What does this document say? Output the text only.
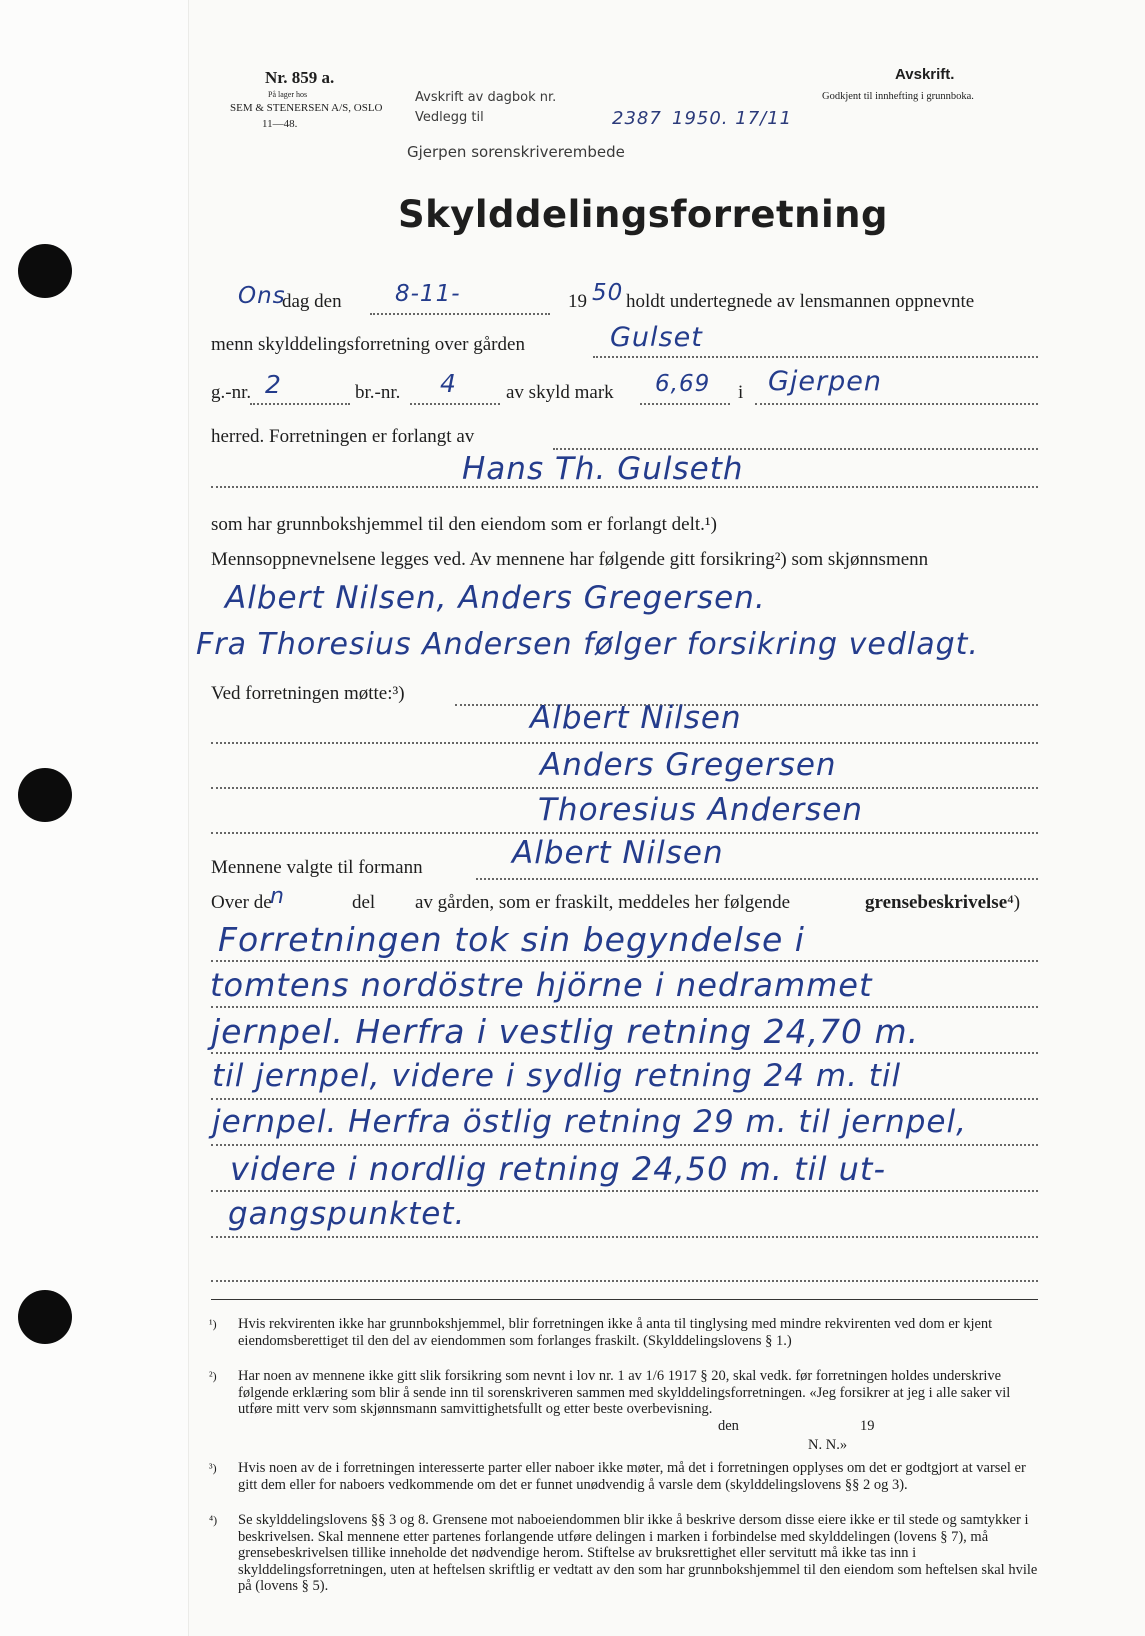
Nr. 859 a.
På lager hos
SEM & STENERSEN A/S, OSLO
11—48.
Avskrift av dagbok nr.
Vedlegg til	2387 1950. 17/11
Gjerpen sorenskriverembede
Avskrift.
Godkjent til innhefting i grunnboka.
Skylddelingsforretning
Ons
dag den 8-11-	19 50 holdt undertegnede av lensmannen oppnevnte
menn skylddelingsforretning over gården	Gulset
g.-nr. 2	br.-nr. 4	av skyld mark 6,69 i Gjerpen
herred. Forretningen er forlangt av
Hans Th. Gulseth
som har grunnbokshjemmel til den eiendom som er forlangt delt.¹)
Mennsoppnevnelsene legges ved. Av mennene har følgende gitt forsikring²) som skjønnsmenn
Albert Nilsen, Anders Gregersen.
Fra Thoresius Andersen følger forsikring vedlagt.
Ved forretningen møtte:³)
Albert Nilsen
Anders Gregersen
Thoresius Andersen
Mennene valgte til formann	Albert Nilsen
Over de
n	del av gården, som er fraskilt, meddeles her følgende	grensebeskrivelse⁴)
Forretningen tok sin begyndelse i
tomtens nordöstre hjörne i nedrammet
jernpel. Herfra i vestlig retning 24,70 m.
til jernpel, videre i sydlig retning 24 m. til
jernpel. Herfra östlig retning 29 m. til jernpel,
videre i nordlig retning 24,50 m. til ut-
gangspunktet.
¹) Hvis rekvirenten ikke har grunnbokshjemmel, blir forretningen ikke å anta til tinglysing med mindre rekvirenten ved dom er kjent eiendomsberettiget til den del av eiendommen som forlanges fraskilt. (Skylddelingslovens § 1.)
²) Har noen av mennene ikke gitt slik forsikring som nevnt i lov nr. 1 av 1/6 1917 § 20, skal vedk. før forretningen holdes underskrive følgende erklæring som blir å sende inn til sorenskriveren sammen med skylddelingsforretningen. «Jeg forsikrer at jeg i alle saker vil utføre mitt verv som skjønnsmann samvittighetsfullt og etter beste overbevisning.
den	19
N. N.»
³) Hvis noen av de i forretningen interesserte parter eller naboer ikke møter, må det i forretningen opplyses om det er godtgjort at varsel er gitt dem eller for naboers vedkommende om det er funnet unødvendig å varsle dem (skylddelingslovens §§ 2 og 3).
⁴) Se skylddelingslovens §§ 3 og 8. Grensene mot naboeiendommen blir ikke å beskrive dersom disse eiere ikke er til stede og samtykker i beskrivelsen. Skal mennene etter partenes forlangende utføre delingen i marken i forbindelse med skylddelingen (lovens § 7), må grensebeskrivelsen tillike inneholde det nødvendige herom. Stiftelse av bruksrettighet eller servitutt må ikke tas inn i skylddelingsforretningen, uten at heftelsen skriftlig er vedtatt av den som har grunnbokshjemmel til den eiendom som heftelsen skal hvile på (lovens § 5).
